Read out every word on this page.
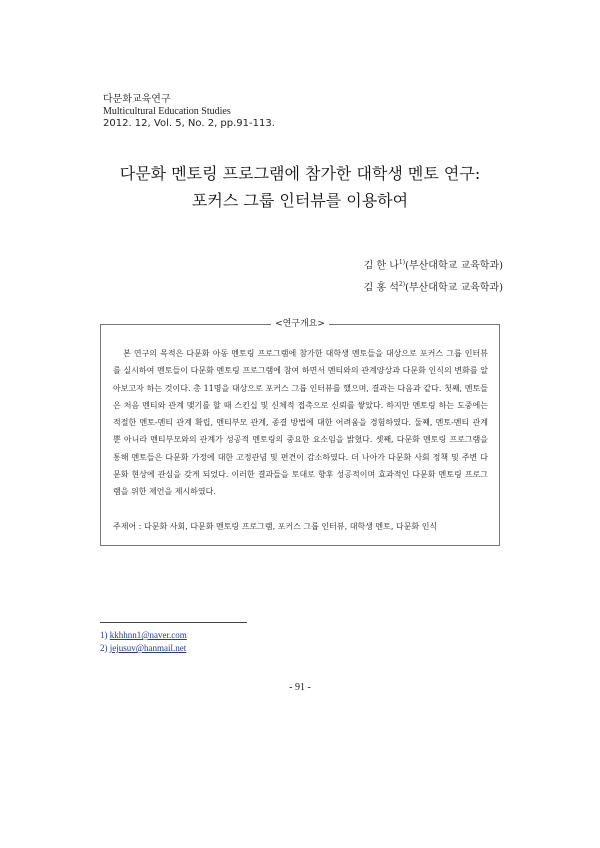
다문화교육연구
Multicultural Education Studies
2012. 12, Vol. 5, No. 2, pp.91-113.
다문화 멘토링 프로그램에 참가한 대학생 멘토 연구:
포커스 그룹 인터뷰를 이용하여
김 한 나$^{1)}$(부산대학교 교육학과)
김 홍 석$^{2)}$(부산대학교 교육학과)
<연구개요>
본 연구의 목적은 다문화 아동 멘토링 프로그램에 참가한 대학생 멘토들을 대상으로 포커스 그룹 인터뷰를 실시하여 멘토들이 다문화 멘토링 프로그램에 참여 하면서 멘티와의 관계양상과 다문화 인식의 변화를 알아보고자 하는 것이다. 총 11명을 대상으로 포커스 그룹 인터뷰를 했으며, 결과는 다음과 같다. 첫째, 멘토들은 처음 멘티와 관계 맺기를 할 때 스킨십 및 신체적 접촉으로 신뢰를 쌓았다. 하지만 멘토링 하는 도중에는 적절한 멘토-멘티 관계 확립, 멘티부모 관계, 종결 방법에 대한 어려움을 경험하였다. 둘째, 멘토-멘티 관계 뿐 아니라 멘티부모와의 관계가 성공적 멘토링의 중요한 요소임을 밝혔다. 셋째, 다문화 멘토링 프로그램을 통해 멘토들은 다문화 가정에 대한 고정관념 및 편견이 감소하였다. 더 나아가 다문화 사회 정책 및 주변 다문화 현상에 관심을 갖게 되었다. 이러한 결과들을 토대로 향후 성공적이며 효과적인 다문화 멘토링 프로그램을 위한 제언을 제시하였다.
주제어 : 다문화 사회, 다문화 멘토링 프로그램, 포커스 그룹 인터뷰, 대학생 멘토, 다문화 인식
1) kkhhnn1@naver.com
2) jejusuv@hanmail.net
- 91 -
